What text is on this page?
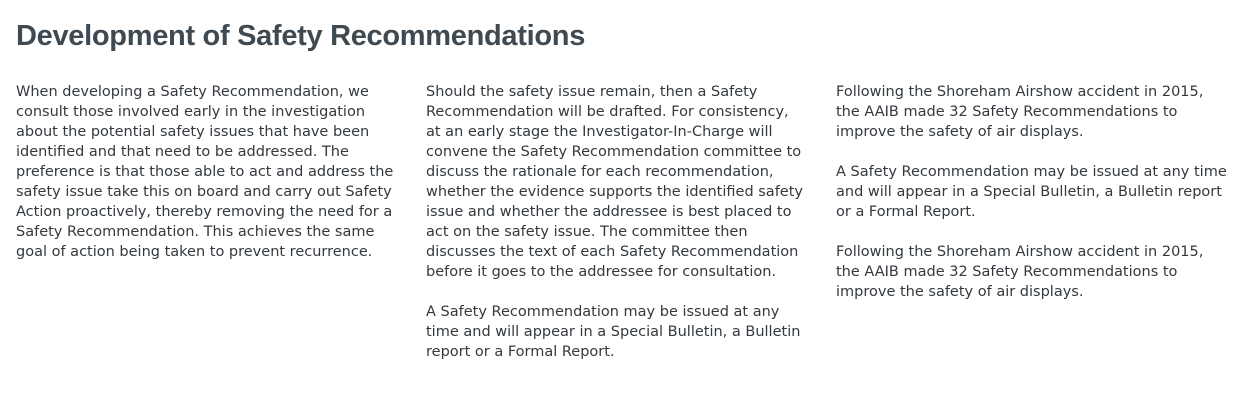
Development of Safety Recommendations

When developing a Safety Recommendation, we consult those involved early in the investigation about the potential safety issues that have been identified and that need to be addressed. The preference is that those able to act and address the safety issue take this on board and carry out Safety Action proactively, thereby removing the need for a Safety Recommendation. This achieves the same goal of action being taken to prevent recurrence.

Should the safety issue remain, then a Safety Recommendation will be drafted. For consistency, at an early stage the Investigator-In-Charge will convene the Safety Recommendation committee to discuss the rationale for each recommendation, whether the evidence supports the identified safety issue and whether the addressee is best placed to act on the safety issue. The committee then discusses the text of each Safety Recommendation before it goes to the addressee for consultation.

A Safety Recommendation may be issued at any time and will appear in a Special Bulletin, a Bulletin report or a Formal Report.

Following the Shoreham Airshow accident in 2015, the AAIB made 32 Safety Recommendations to improve the safety of air displays.

A Safety Recommendation may be issued at any time and will appear in a Special Bulletin, a Bulletin report or a Formal Report.

Following the Shoreham Airshow accident in 2015, the AAIB made 32 Safety Recommendations to improve the safety of air displays.
